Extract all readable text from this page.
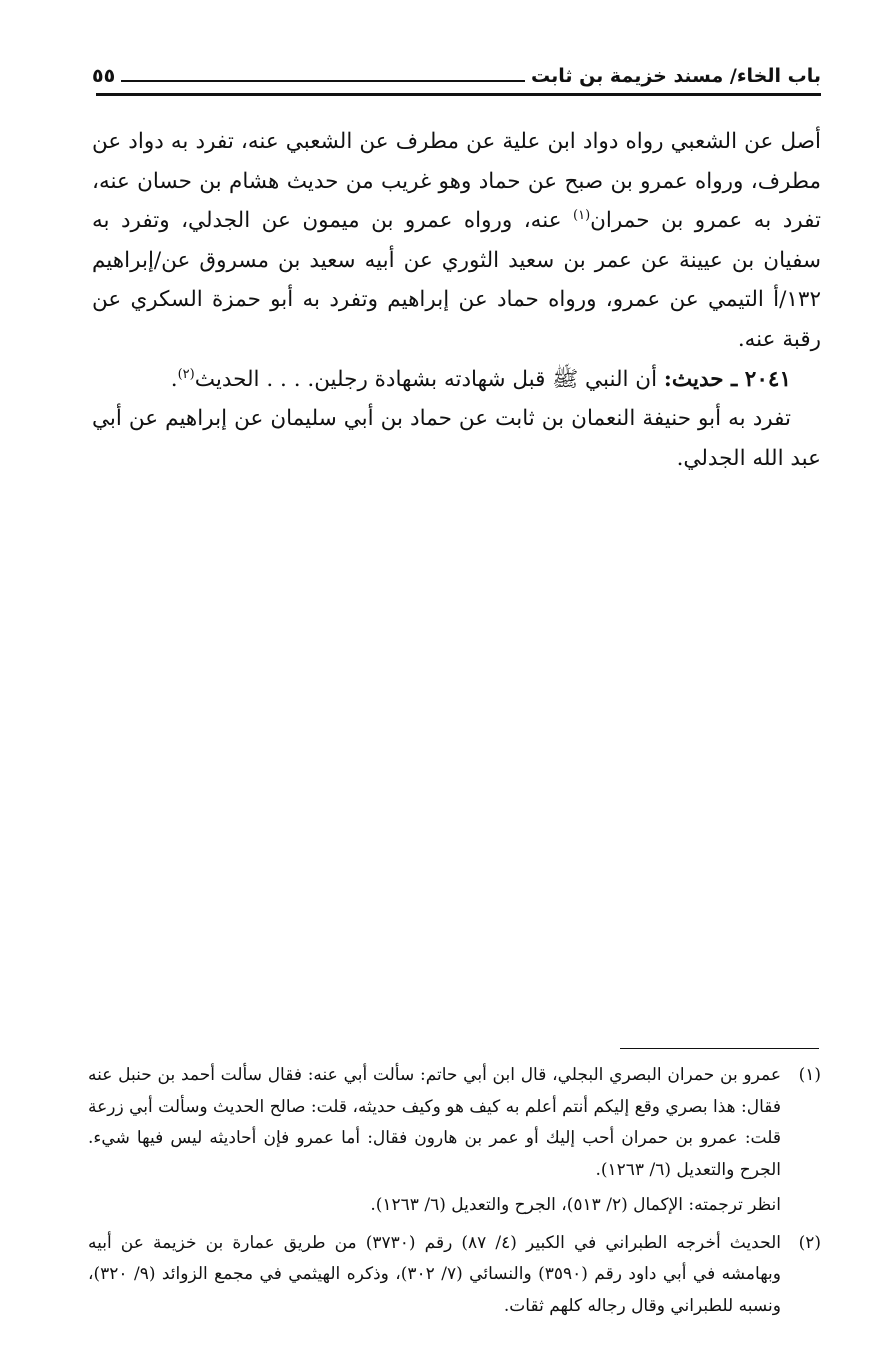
باب الخاء/ مسند خزيمة بن ثابت
٥٥

أصل عن الشعبي رواه دواد ابن علية عن مطرف عن الشعبي عنه، تفرد به دواد عن مطرف، ورواه عمرو بن صبح عن حماد وهو غريب من حديث هشام بن حسان عنه، تفرد به عمرو بن حمران$^{(١)}$ عنه، ورواه عمرو بن ميمون عن الجدلي، وتفرد به سفيان بن عيينة عن عمر بن سعيد الثوري عن أبيه سعيد بن مسروق عن/إبراهيم ١٣٢/أ التيمي عن عمرو، ورواه حماد عن إبراهيم وتفرد به أبو حمزة السكري عن رقبة عنه.

٢٠٤١ ـ حديث: أن النبي ﷺ قبل شهادته بشهادة رجلين. . . . الحديث$^{(٢)}$.

تفرد به أبو حنيفة النعمان بن ثابت عن حماد بن أبي سليمان عن إبراهيم عن أبي عبد الله الجدلي.

(١)
عمرو بن حمران البصري البجلي، قال ابن أبي حاتم: سألت أبي عنه: فقال سألت أحمد بن حنبل عنه فقال: هذا بصري وقع إليكم أنتم أعلم به كيف هو وكيف حديثه، قلت: صالح الحديث وسألت أبي زرعة قلت: عمرو بن حمران أحب إليك أو عمر بن هارون فقال: أما عمرو فإن أحاديثه ليس فيها شيء. الجرح والتعديل (٦/ ١٢٦٣).
انظر ترجمته: الإكمال (٢/ ٥١٣)، الجرح والتعديل (٦/ ١٢٦٣).
(٢)
الحديث أخرجه الطبراني في الكبير (٤/ ٨٧) رقم (٣٧٣٠) من طريق عمارة بن خزيمة عن أبيه وبهامشه في أبي داود رقم (٣٥٩٠) والنسائي (٧/ ٣٠٢)، وذكره الهيثمي في مجمع الزوائد (٩/ ٣٢٠)، ونسبه للطبراني وقال رجاله كلهم ثقات.
